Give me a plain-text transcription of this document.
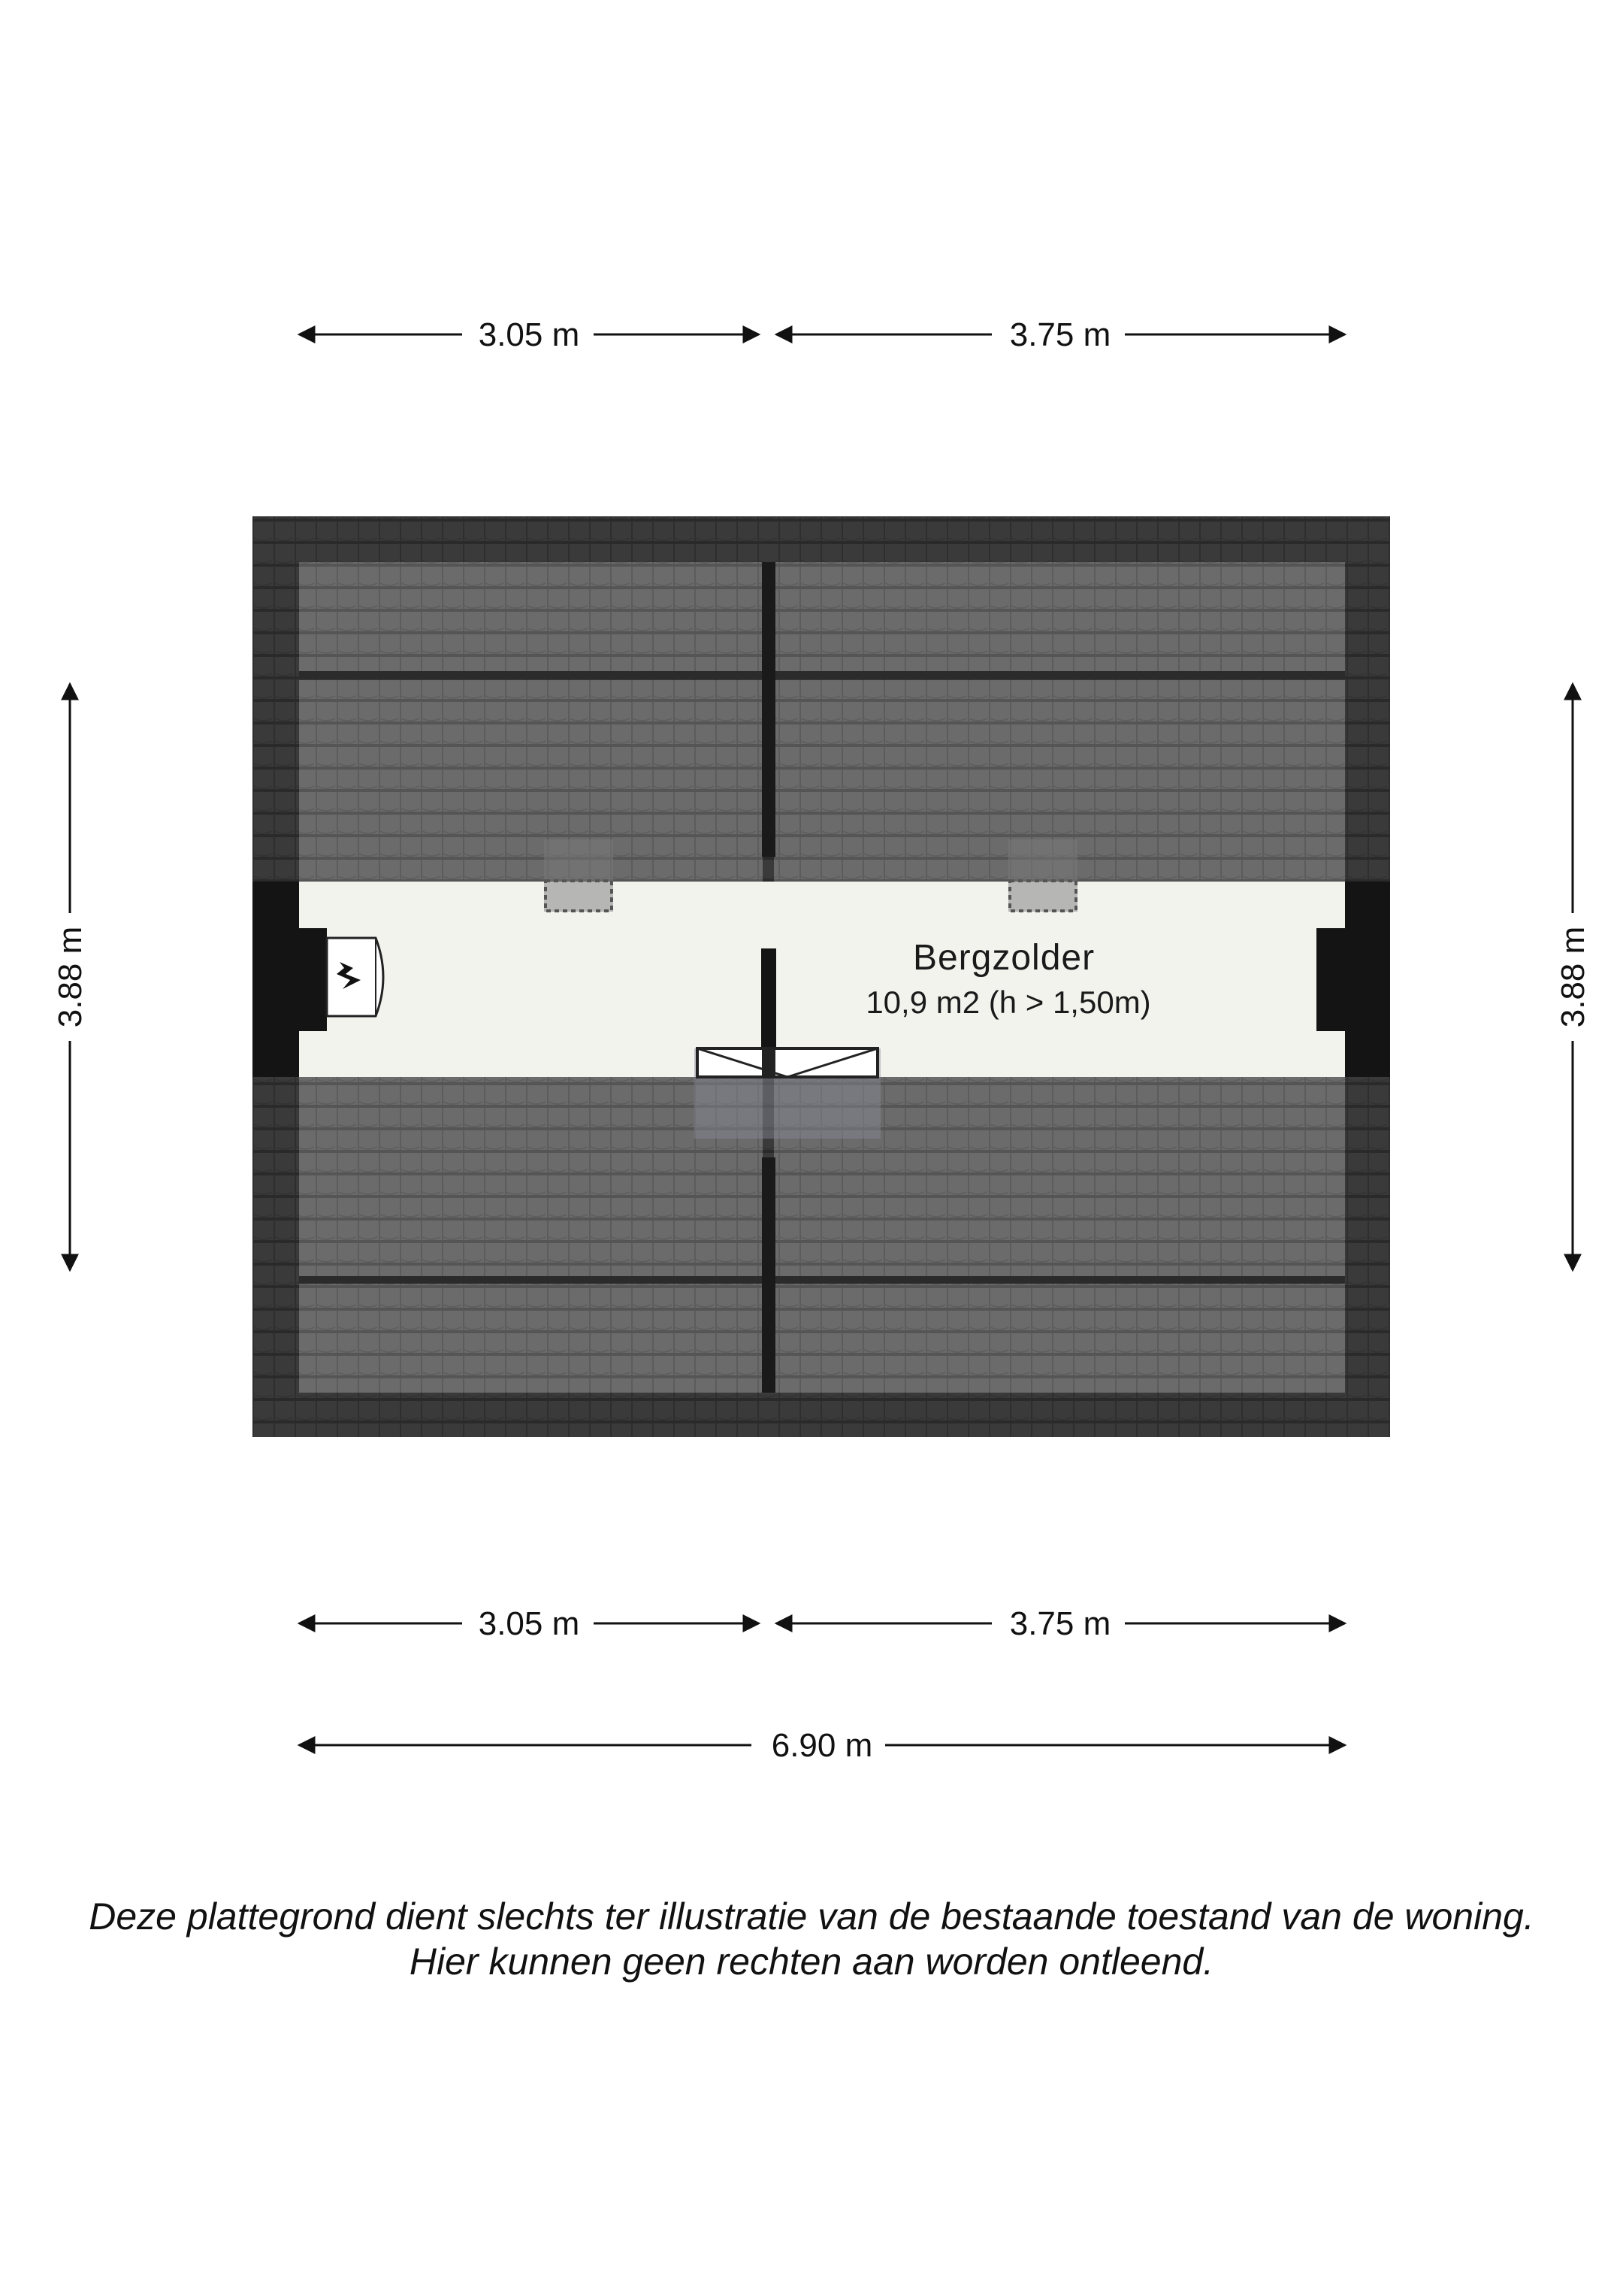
3.05 m	3.75 m
3.88 m	3.88 m
Bergzolder
10,9 m2 (h > 1,50m)
3.05 m	3.75 m
6.90 m
Deze plattegrond dient slechts ter illustratie van de bestaande toestand van de woning.
Hier kunnen geen rechten aan worden ontleend.
